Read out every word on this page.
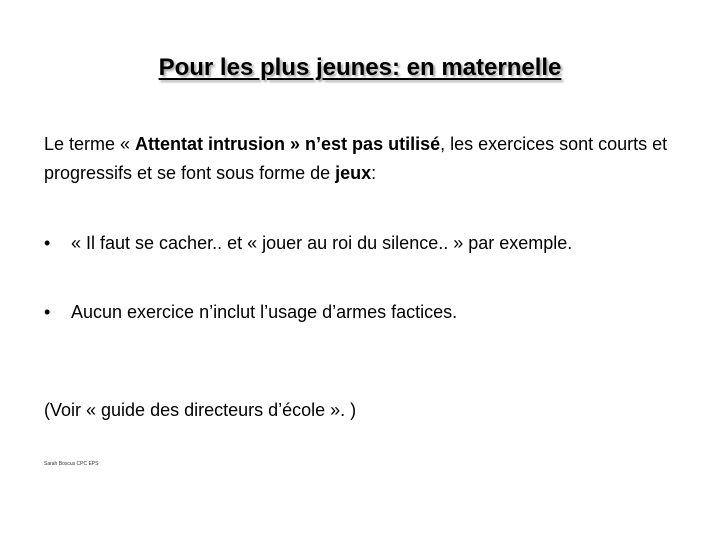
Pour les plus jeunes: en maternelle
Le terme « Attentat intrusion » n’est pas utilisé, les exercices sont courts et progressifs et se font sous forme de jeux:
• « Il faut se cacher.. et « jouer au roi du silence.. » par exemple.
• Aucun exercice n’inclut l’usage d’armes factices.
(Voir « guide des directeurs d’école ». )
Sarah Boscus CPC EPS
